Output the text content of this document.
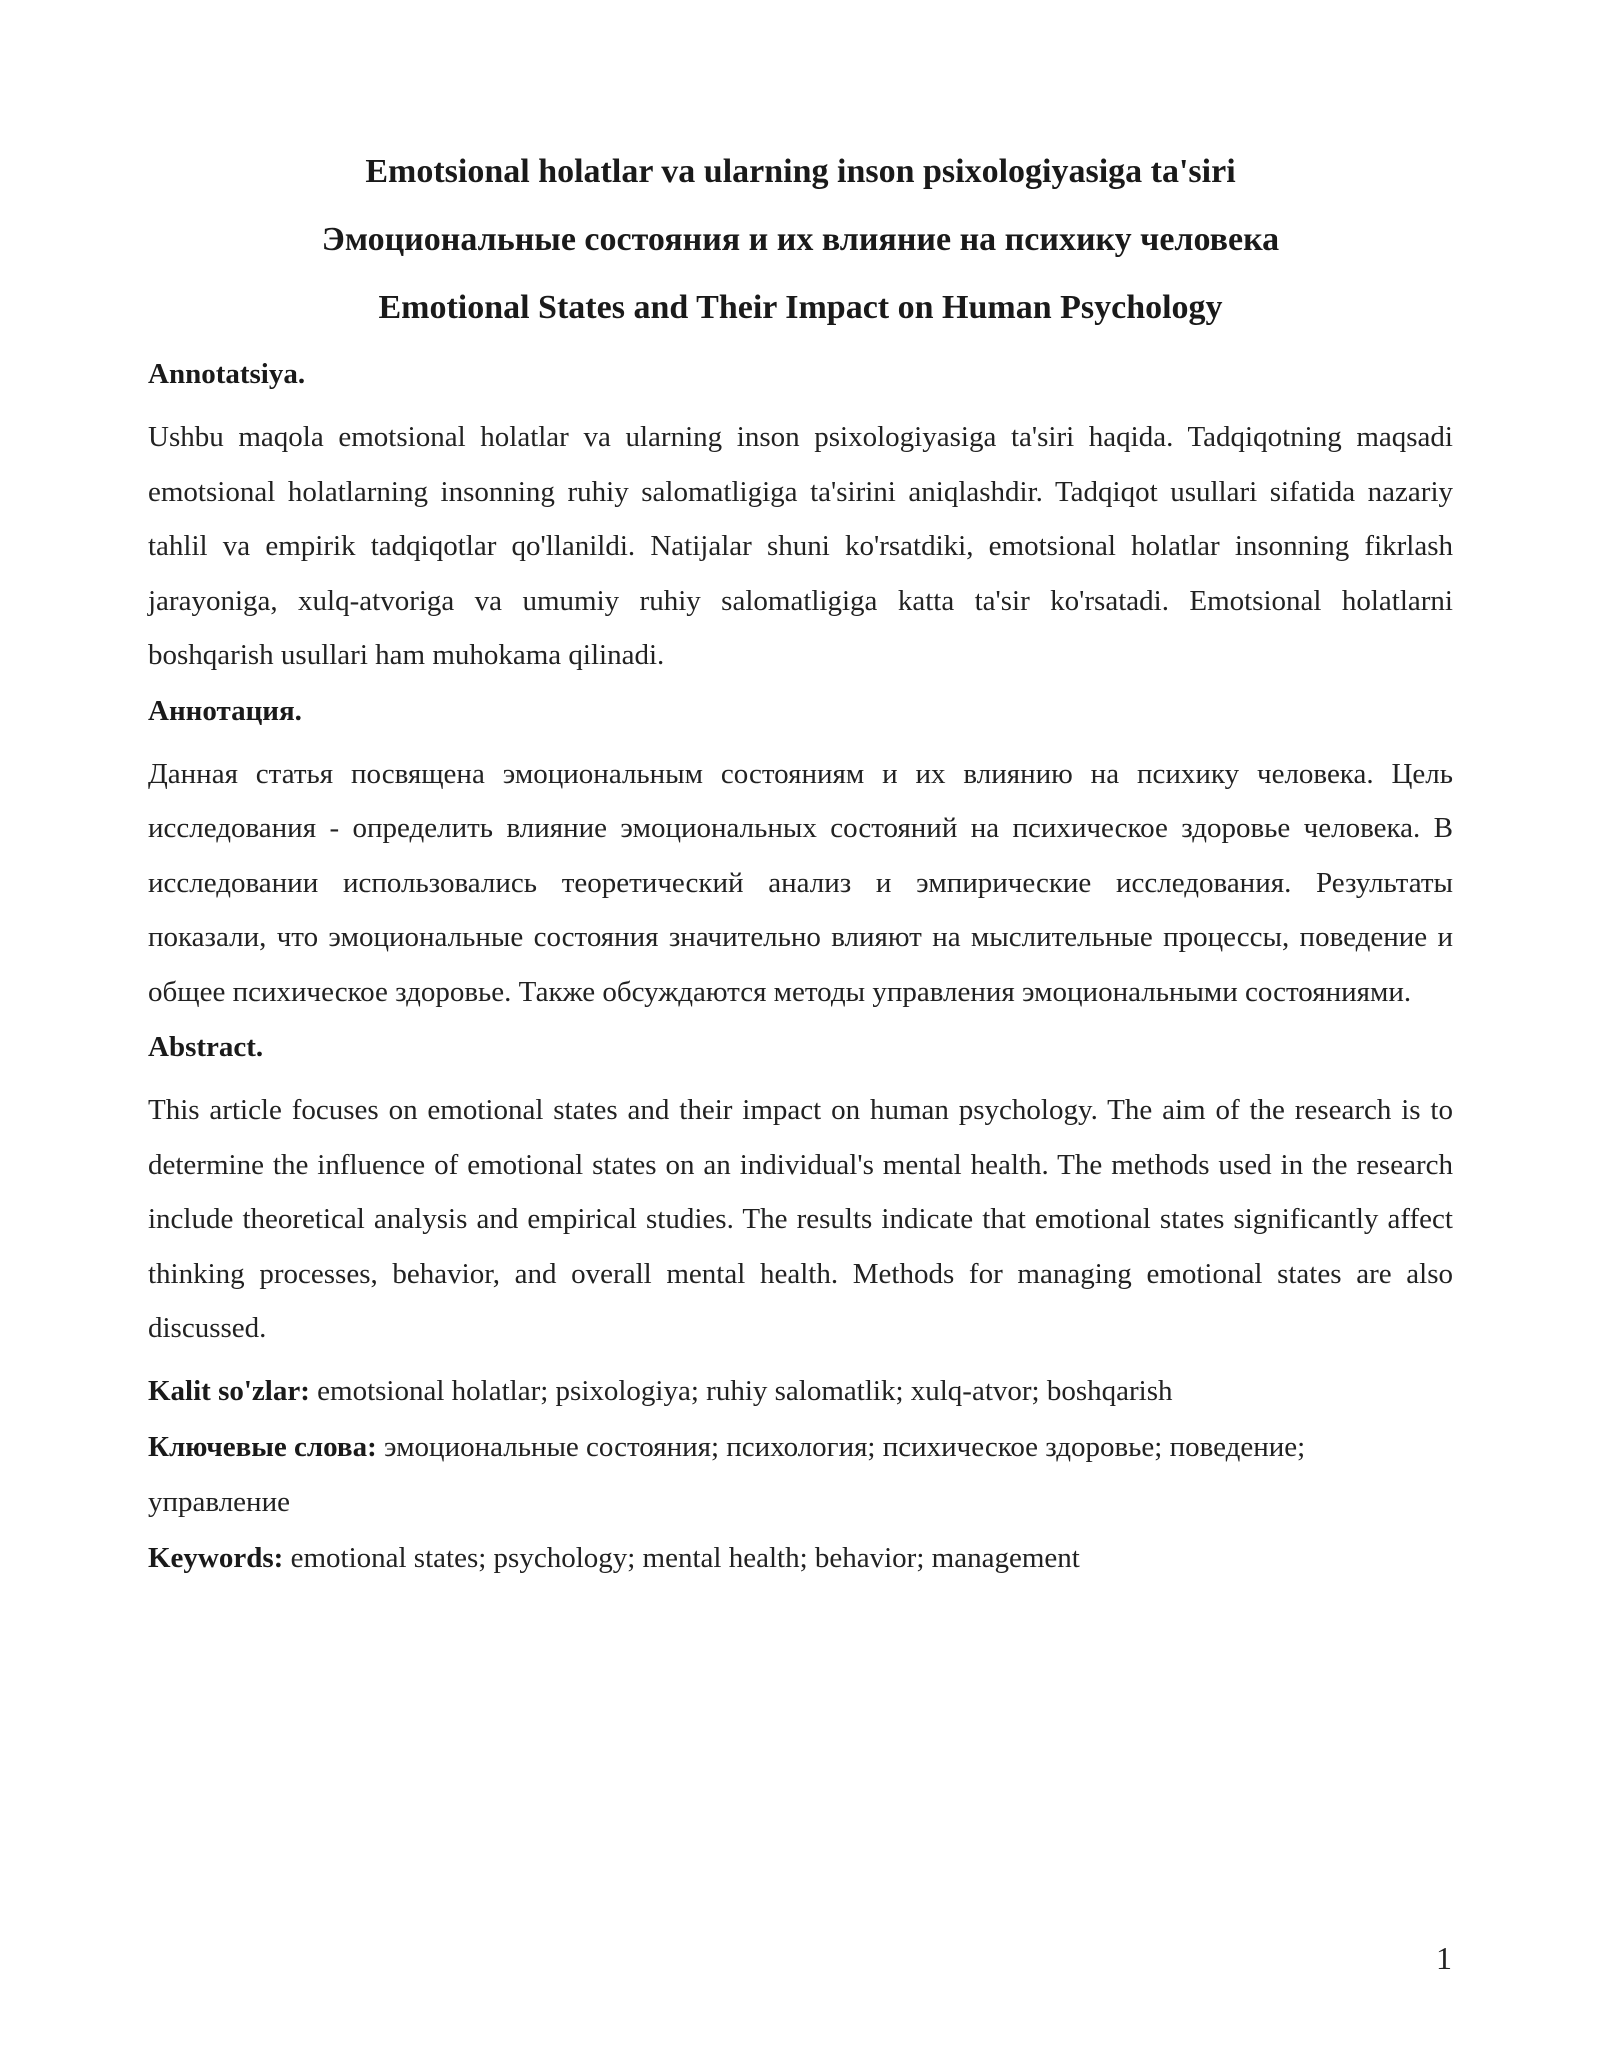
Emotsional holatlar va ularning inson psixologiyasiga ta'siri
Эмоциональные состояния и их влияние на психику человека
Emotional States and Their Impact on Human Psychology

Annotatsiya.

Ushbu maqola emotsional holatlar va ularning inson psixologiyasiga ta'siri haqida. Tadqiqotning maqsadi emotsional holatlarning insonning ruhiy salomatligiga ta'sirini aniqlashdir. Tadqiqot usullari sifatida nazariy tahlil va empirik tadqiqotlar qo'llanildi. Natijalar shuni ko'rsatdiki, emotsional holatlar insonning fikrlash jarayoniga, xulq-atvoriga va umumiy ruhiy salomatligiga katta ta'sir ko'rsatadi. Emotsional holatlarni boshqarish usullari ham muhokama qilinadi.

Аннотация.

Данная статья посвящена эмоциональным состояниям и их влиянию на психику человека. Цель исследования - определить влияние эмоциональных состояний на психическое здоровье человека. В исследовании использовались теоретический анализ и эмпирические исследования. Результаты показали, что эмоциональные состояния значительно влияют на мыслительные процессы, поведение и общее психическое здоровье. Также обсуждаются методы управления эмоциональными состояниями.

Abstract.

This article focuses on emotional states and their impact on human psychology. The aim of the research is to determine the influence of emotional states on an individual's mental health. The methods used in the research include theoretical analysis and empirical studies. The results indicate that emotional states significantly affect thinking processes, behavior, and overall mental health. Methods for managing emotional states are also discussed.

Kalit so'zlar: emotsional holatlar; psixologiya; ruhiy salomatlik; xulq-atvor; boshqarish

Ключевые слова: эмоциональные состояния; психология; психическое здоровье; поведение; управление

Keywords: emotional states; psychology; mental health; behavior; management

1
